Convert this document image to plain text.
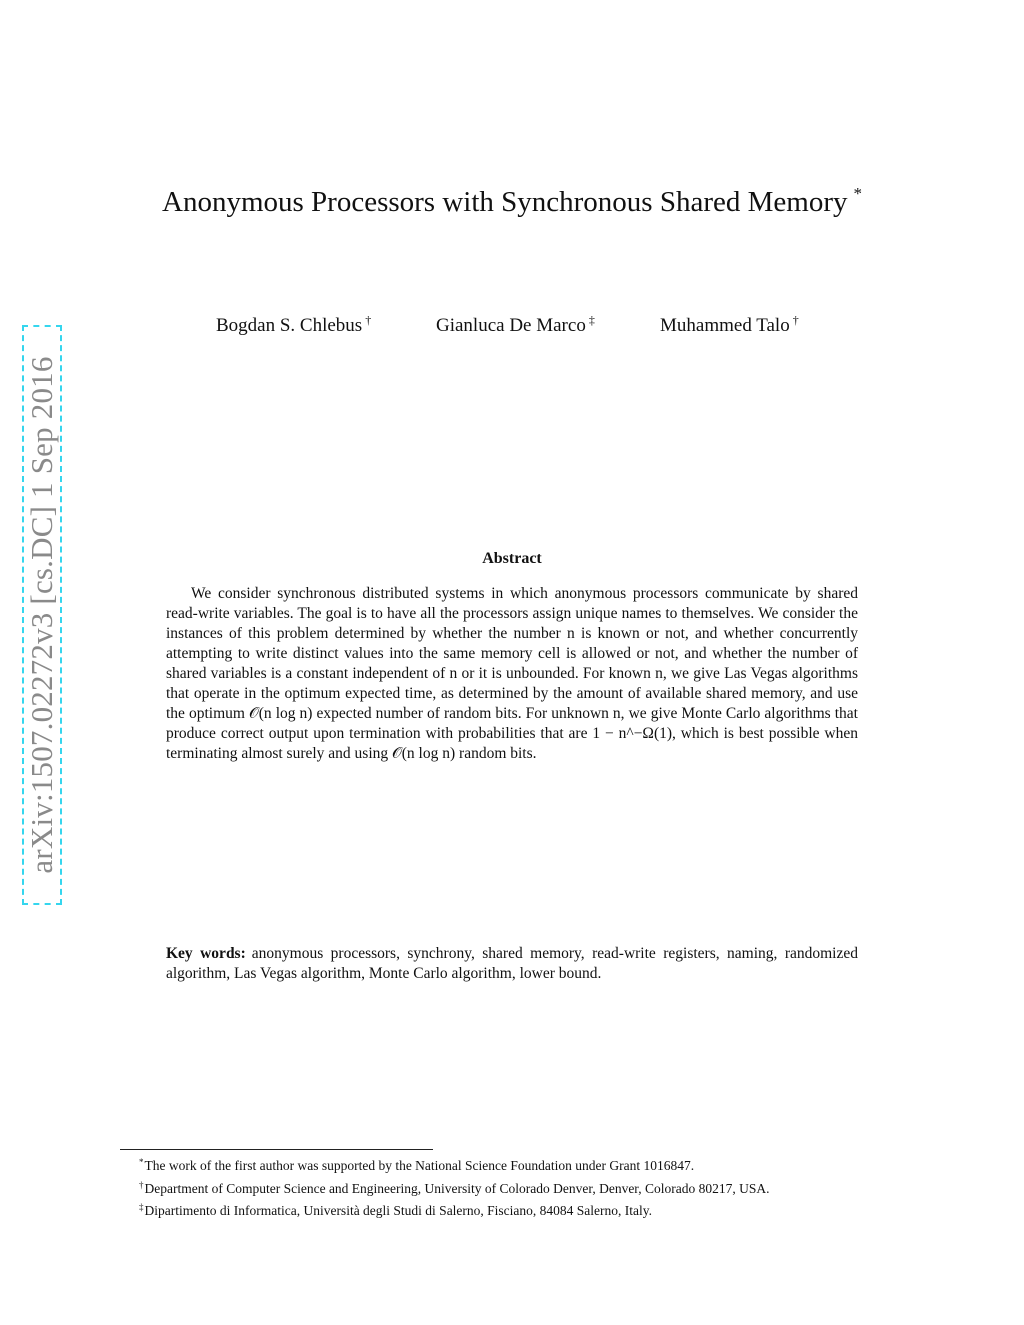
arXiv:1507.02272v3 [cs.DC] 1 Sep 2016
Anonymous Processors with Synchronous Shared Memory *
Bogdan S. Chlebus †	Gianluca De Marco ‡	Muhammed Talo †
Abstract

We consider synchronous distributed systems in which anonymous processors communicate by shared read-write variables. The goal is to have all the processors assign unique names to themselves. We consider the instances of this problem determined by whether the number n is known or not, and whether concurrently attempting to write distinct values into the same memory cell is allowed or not, and whether the number of shared variables is a constant independent of n or it is unbounded. For known n, we give Las Vegas algorithms that operate in the optimum expected time, as determined by the amount of available shared memory, and use the optimum 𝒪(n log n) expected number of random bits. For unknown n, we give Monte Carlo algorithms that produce correct output upon termination with probabilities that are 1 − n^−Ω(1), which is best possible when terminating almost surely and using 𝒪(n log n) random bits.

Key words: anonymous processors, synchrony, shared memory, read-write registers, naming, randomized algorithm, Las Vegas algorithm, Monte Carlo algorithm, lower bound.

*The work of the first author was supported by the National Science Foundation under Grant 1016847.
†Department of Computer Science and Engineering, University of Colorado Denver, Denver, Colorado 80217, USA.
‡Dipartimento di Informatica, Università degli Studi di Salerno, Fisciano, 84084 Salerno, Italy.
